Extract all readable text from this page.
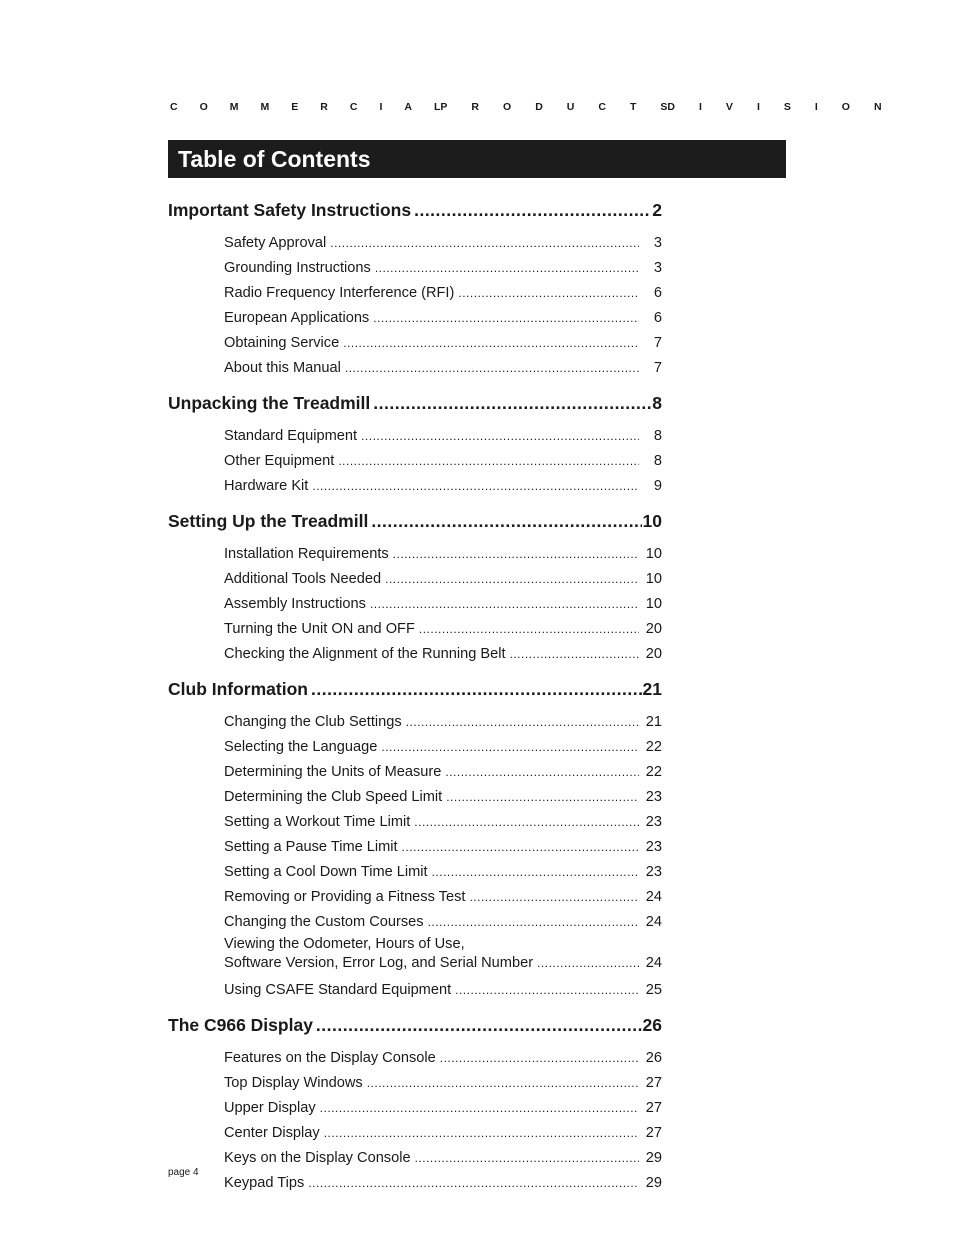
C O M M E R C I A L P R O D U C T S D I V I S I O N
Table of Contents
Important Safety Instructions .....	2
Safety Approval .....	3
Grounding Instructions .....	3
Radio Frequency Interference (RFI) .....	6
European Applications .....	6
Obtaining Service .....	7
About this Manual .....	7
Unpacking the Treadmill .....	8
Standard Equipment .....	8
Other Equipment .....	8
Hardware Kit .....	9
Setting Up the Treadmill .....	10
Installation Requirements .....	10
Additional Tools Needed .....	10
Assembly Instructions .....	10
Turning the Unit ON and OFF .....	20
Checking the Alignment of the Running Belt .....	20
Club Information .....	21
Changing the Club Settings .....	21
Selecting the Language .....	22
Determining the Units of Measure .....	22
Determining the Club Speed Limit .....	23
Setting a Workout Time Limit .....	23
Setting a Pause Time Limit .....	23
Setting a Cool Down Time Limit .....	23
Removing or Providing a Fitness Test .....	24
Changing the Custom Courses .....	24
Viewing the Odometer, Hours of Use,
Software Version, Error Log, and Serial Number .....	24
Using CSAFE Standard Equipment .....	25
The C966 Display .....	26
Features on the Display Console .....	26
Top Display Windows .....	27
Upper Display .....	27
Center Display .....	27
Keys on the Display Console .....	29
Keypad Tips .....	29
page 4
